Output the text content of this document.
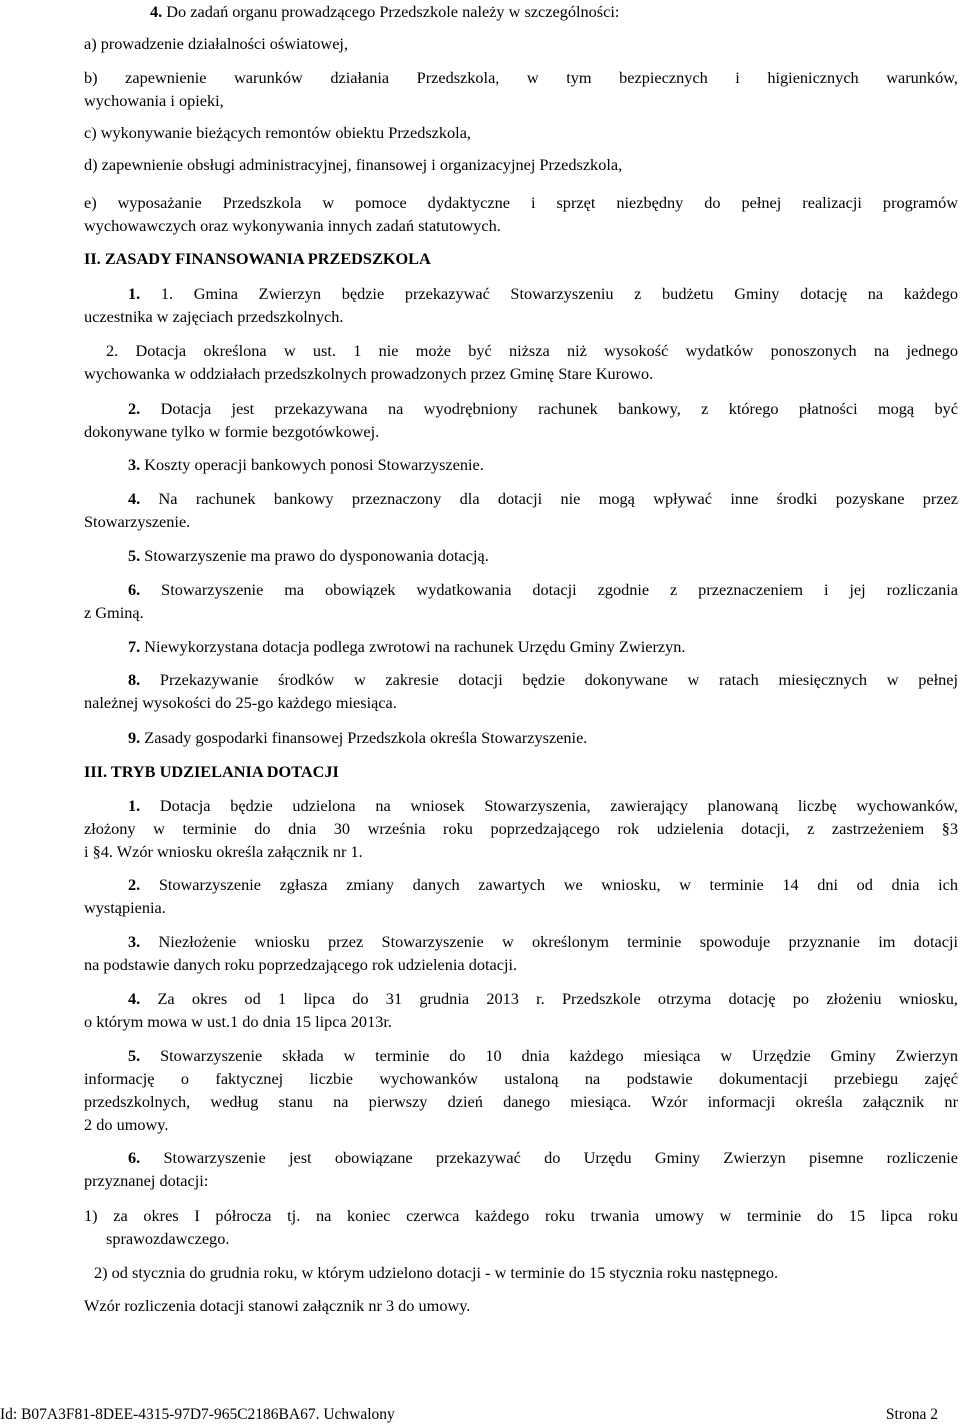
4. Do zadań organu prowadzącego Przedszkole należy w szczególności:
a) prowadzenie działalności oświatowej,
b) zapewnienie warunków działania Przedszkola, w tym bezpiecznych i higienicznych warunków,
wychowania i opieki,
c) wykonywanie bieżących remontów obiektu Przedszkola,
d) zapewnienie obsługi administracyjnej, finansowej i organizacyjnej Przedszkola,
e) wyposażanie Przedszkola w pomoce dydaktyczne i sprzęt niezbędny do pełnej realizacji programów
wychowawczych oraz wykonywania innych zadań statutowych.
II. ZASADY FINANSOWANIA PRZEDSZKOLA
1. 1. Gmina Zwierzyn będzie przekazywać Stowarzyszeniu z budżetu Gminy dotację na każdego
uczestnika w zajęciach przedszkolnych.
2. Dotacja określona w ust. 1 nie może być niższa niż wysokość wydatków ponoszonych na jednego
wychowanka w oddziałach przedszkolnych prowadzonych przez Gminę Stare Kurowo.
2. Dotacja jest przekazywana na wyodrębniony rachunek bankowy, z którego płatności mogą być
dokonywane tylko w formie bezgotówkowej.
3. Koszty operacji bankowych ponosi Stowarzyszenie.
4. Na rachunek bankowy przeznaczony dla dotacji nie mogą wpływać inne środki pozyskane przez
Stowarzyszenie.
5. Stowarzyszenie ma prawo do dysponowania dotacją.
6. Stowarzyszenie ma obowiązek wydatkowania dotacji zgodnie z przeznaczeniem i jej rozliczania
z Gminą.
7. Niewykorzystana dotacja podlega zwrotowi na rachunek Urzędu Gminy Zwierzyn.
8. Przekazywanie środków w zakresie dotacji będzie dokonywane w ratach miesięcznych w pełnej
należnej wysokości do 25-go każdego miesiąca.
9. Zasady gospodarki finansowej Przedszkola określa Stowarzyszenie.
III. TRYB UDZIELANIA DOTACJI
1. Dotacja będzie udzielona na wniosek Stowarzyszenia, zawierający planowaną liczbę wychowanków,
złożony w terminie do dnia 30 września roku poprzedzającego rok udzielenia dotacji, z zastrzeżeniem §3
i §4. Wzór wniosku określa załącznik nr 1.
2. Stowarzyszenie zgłasza zmiany danych zawartych we wniosku, w terminie 14 dni od dnia ich
wystąpienia.
3. Niezłożenie wniosku przez Stowarzyszenie w określonym terminie spowoduje przyznanie im dotacji
na podstawie danych roku poprzedzającego rok udzielenia dotacji.
4. Za okres od 1 lipca do 31 grudnia 2013 r. Przedszkole otrzyma dotację po złożeniu wniosku,
o którym mowa w ust.1 do dnia 15 lipca 2013r.
5. Stowarzyszenie składa w terminie do 10 dnia każdego miesiąca w Urzędzie Gminy Zwierzyn
informację o faktycznej liczbie wychowanków ustaloną na podstawie dokumentacji przebiegu zajęć
przedszkolnych, według stanu na pierwszy dzień danego miesiąca. Wzór informacji określa załącznik nr
2 do umowy.
6. Stowarzyszenie jest obowiązane przekazywać do Urzędu Gminy Zwierzyn pisemne rozliczenie
przyznanej dotacji:
1) za okres I półrocza tj. na koniec czerwca każdego roku trwania umowy w terminie do 15 lipca roku
sprawozdawczego.
2) od stycznia do grudnia roku, w którym udzielono dotacji - w terminie do 15 stycznia roku następnego.
Wzór rozliczenia dotacji stanowi załącznik nr 3 do umowy.
Id: B07A3F81-8DEE-4315-97D7-965C2186BA67. Uchwalony	Strona 2
